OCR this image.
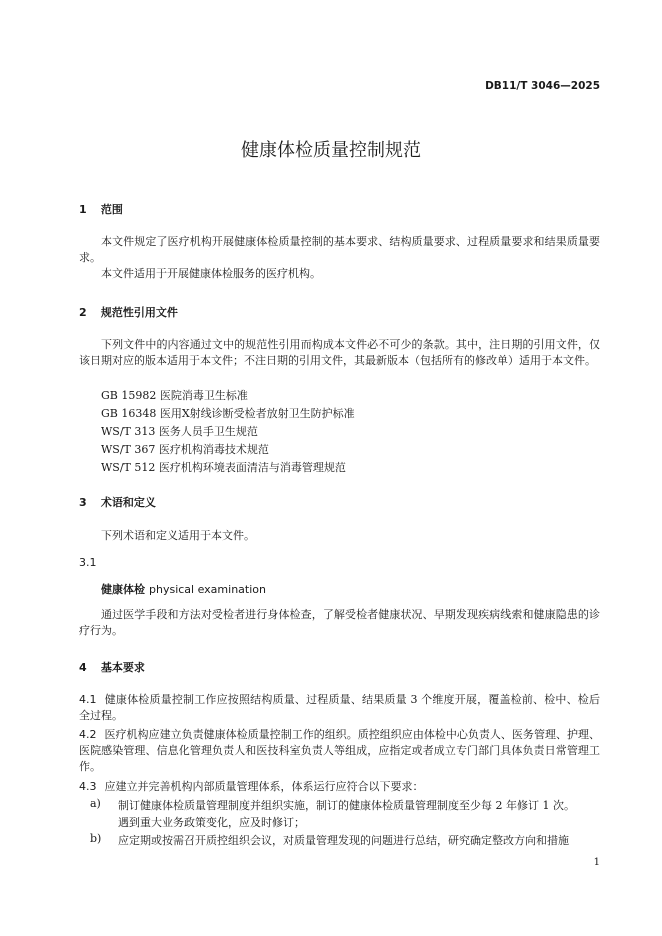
DB11/T 3046—2025
健康体检质量控制规范
1 范围
本文件规定了医疗机构开展健康体检质量控制的基本要求、结构质量要求、过程质量要求和结果质量要求。
本文件适用于开展健康体检服务的医疗机构。
2 规范性引用文件
下列文件中的内容通过文中的规范性引用而构成本文件必不可少的条款。其中，注日期的引用文件，仅该日期对应的版本适用于本文件；不注日期的引用文件，其最新版本（包括所有的修改单）适用于本文件。
GB 15982 医院消毒卫生标准
GB 16348 医用X射线诊断受检者放射卫生防护标准
WS/T 313 医务人员手卫生规范
WS/T 367 医疗机构消毒技术规范
WS/T 512 医疗机构环境表面清洁与消毒管理规范
3 术语和定义
下列术语和定义适用于本文件。
3.1
健康体检 physical examination
通过医学手段和方法对受检者进行身体检查，了解受检者健康状况、早期发现疾病线索和健康隐患的诊疗行为。
4 基本要求
4.1 健康体检质量控制工作应按照结构质量、过程质量、结果质量 3 个维度开展，覆盖检前、检中、检后全过程。
4.2 医疗机构应建立负责健康体检质量控制工作的组织。质控组织应由体检中心负责人、医务管理、护理、医院感染管理、信息化管理负责人和医技科室负责人等组成，应指定或者成立专门部门具体负责日常管理工作。
4.3 应建立并完善机构内部质量管理体系，体系运行应符合以下要求：
a) 制订健康体检质量管理制度并组织实施，制订的健康体检质量管理制度至少每 2 年修订 1 次。
遇到重大业务政策变化，应及时修订；
b) 应定期或按需召开质控组织会议，对质量管理发现的问题进行总结，研究确定整改方向和措施
1
